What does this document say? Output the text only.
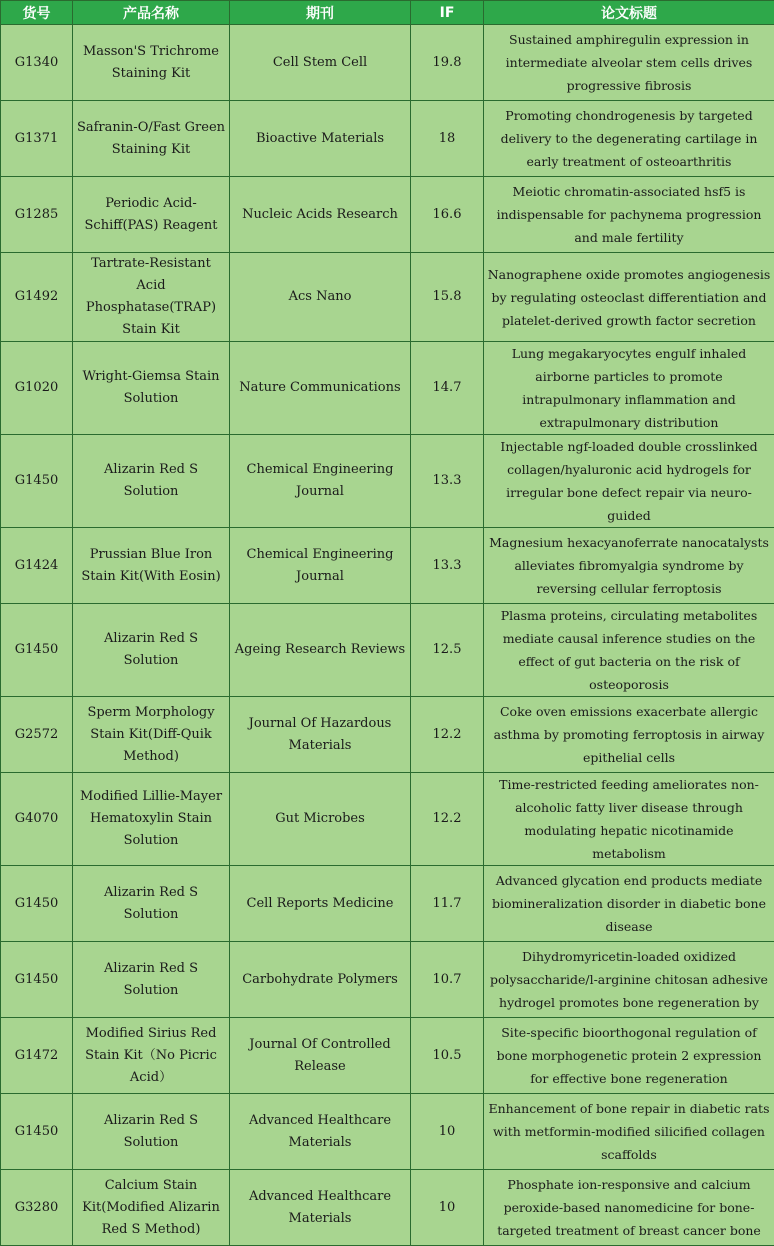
货号	产品名称	期刊	IF	论文标题
G1340	Masson'S Trichrome Staining Kit	Cell Stem Cell	19.8	Sustained amphiregulin expression in intermediate alveolar stem cells drives progressive fibrosis
G1371	Safranin-O/Fast Green Staining Kit	Bioactive Materials	18	Promoting chondrogenesis by targeted delivery to the degenerating cartilage in early treatment of osteoarthritis
G1285	Periodic Acid-Schiff(PAS) Reagent	Nucleic Acids Research	16.6	Meiotic chromatin-associated hsf5 is indispensable for pachynema progression and male fertility
G1492	Tartrate-Resistant Acid Phosphatase(TRAP) Stain Kit	Acs Nano	15.8	Nanographene oxide promotes angiogenesis by regulating osteoclast differentiation and platelet-derived growth factor secretion
G1020	Wright-Giemsa Stain Solution	Nature Communications	14.7	Lung megakaryocytes engulf inhaled airborne particles to promote intrapulmonary inflammation and extrapulmonary distribution
G1450	Alizarin Red S Solution	Chemical Engineering Journal	13.3	Injectable ngf-loaded double crosslinked collagen/hyaluronic acid hydrogels for irregular bone defect repair via neuro-guided
G1424	Prussian Blue Iron Stain Kit(With Eosin)	Chemical Engineering Journal	13.3	Magnesium hexacyanoferrate nanocatalysts alleviates fibromyalgia syndrome by reversing cellular ferroptosis
G1450	Alizarin Red S Solution	Ageing Research Reviews	12.5	Plasma proteins, circulating metabolites mediate causal inference studies on the effect of gut bacteria on the risk of osteoporosis
G2572	Sperm Morphology Stain Kit(Diff-Quik Method)	Journal Of Hazardous Materials	12.2	Coke oven emissions exacerbate allergic asthma by promoting ferroptosis in airway epithelial cells
G4070	Modified Lillie-Mayer Hematoxylin Stain Solution	Gut Microbes	12.2	Time-restricted feeding ameliorates non-alcoholic fatty liver disease through modulating hepatic nicotinamide metabolism
G1450	Alizarin Red S Solution	Cell Reports Medicine	11.7	Advanced glycation end products mediate biomineralization disorder in diabetic bone disease
G1450	Alizarin Red S Solution	Carbohydrate Polymers	10.7	Dihydromyricetin-loaded oxidized polysaccharide/l-arginine chitosan adhesive hydrogel promotes bone regeneration by
G1472	Modified Sirius Red Stain Kit（No Picric Acid）	Journal Of Controlled Release	10.5	Site-specific bioorthogonal regulation of bone morphogenetic protein 2 expression for effective bone regeneration
G1450	Alizarin Red S Solution	Advanced Healthcare Materials	10	Enhancement of bone repair in diabetic rats with metformin-modified silicified collagen scaffolds
G3280	Calcium Stain Kit(Modified Alizarin Red S Method)	Advanced Healthcare Materials	10	Phosphate ion-responsive and calcium peroxide-based nanomedicine for bone-targeted treatment of breast cancer bone
